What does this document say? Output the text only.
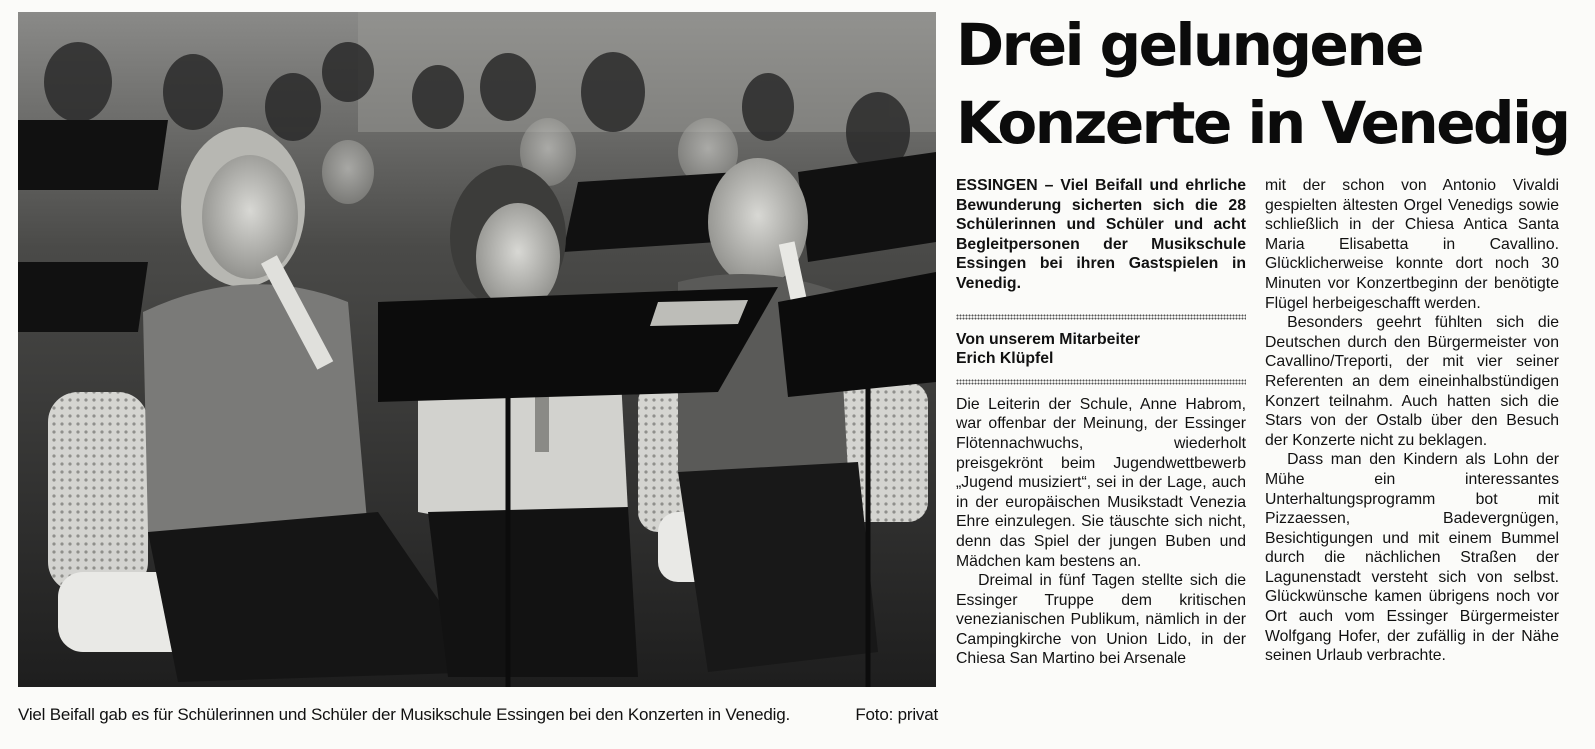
Viel Beifall gab es für Schülerinnen und Schüler der Musikschule Essingen bei den Konzerten in Venedig.	Foto: privat
Drei gelungene
Konzerte in Venedig

ESSINGEN – Viel Beifall und ehrliche Bewunderung sicherten sich die 28 Schülerinnen und Schüler und acht Begleitpersonen der Musikschule Essingen bei ihren Gastspielen in Venedig.

Von unserem Mitarbeiter
Erich Klüpfel

Die Leiterin der Schule, Anne Habrom, war offenbar der Meinung, der Essinger Flötennachwuchs, wiederholt preisgekrönt beim Jugendwettbewerb „Jugend musiziert“, sei in der Lage, auch in der europäischen Musikstadt Venezia Ehre einzulegen. Sie täuschte sich nicht, denn das Spiel der jungen Buben und Mädchen kam bestens an.

Dreimal in fünf Tagen stellte sich die Essinger Truppe dem kritischen venezianischen Publikum, nämlich in der Campingkirche von Union Lido, in der Chiesa San Martino bei Arsenale

mit der schon von Antonio Vivaldi gespielten ältesten Orgel Venedigs sowie schließlich in der Chiesa Antica Santa Maria Elisabetta in Cavallino. Glücklicherweise konnte dort noch 30 Minuten vor Konzertbeginn der benötigte Flügel herbeigeschafft werden.

Besonders geehrt fühlten sich die Deutschen durch den Bürgermeister von Cavallino/Treporti, der mit vier seiner Referenten an dem eineinhalbstündigen Konzert teilnahm. Auch hatten sich die Stars von der Ostalb über den Besuch der Konzerte nicht zu beklagen.

Dass man den Kindern als Lohn der Mühe ein interessantes Unterhaltungsprogramm bot mit Pizzaessen, Badevergnügen, Besichtigungen und mit einem Bummel durch die nächlichen Straßen der Lagunenstadt versteht sich von selbst. Glückwünsche kamen übrigens noch vor Ort auch vom Essinger Bürgermeister Wolfgang Hofer, der zufällig in der Nähe seinen Urlaub verbrachte.
